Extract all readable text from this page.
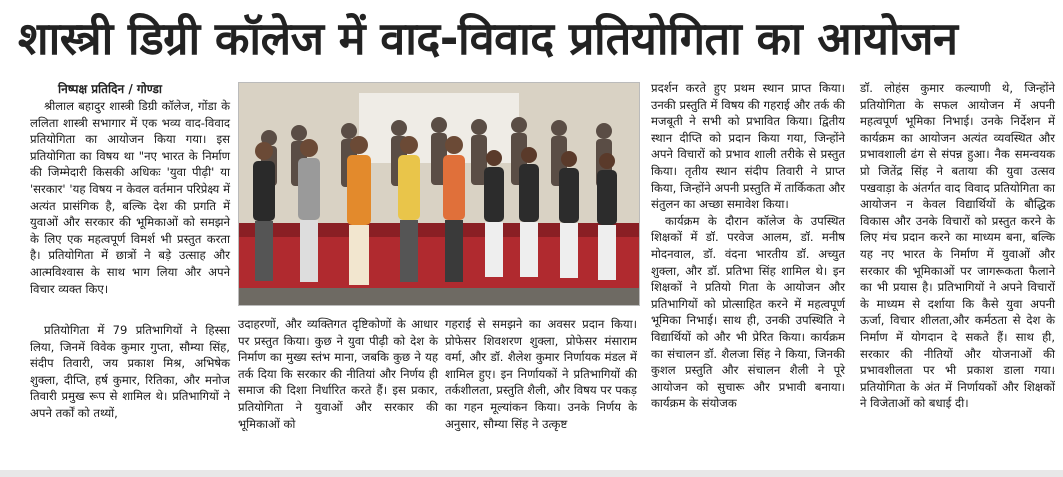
शास्त्री डिग्री कॉलेज में वाद-विवाद प्रतियोगिता का आयोजन
निष्पक्ष प्रतिदिन / गोण्डा

श्रीलाल बहादुर शास्त्री डिग्री कॉलेज, गोंडा के ललिता शास्त्री सभागार में एक भव्य वाद-विवाद प्रतियोगिता का आयोजन किया गया। इस प्रतियोगिता का विषय था "नए भारत के निर्माण की जिम्मेदारी किसकी अधिकः 'युवा पीढ़ी' या 'सरकार' 'यह विषय न केवल वर्तमान परिप्रेक्ष्य में अत्यंत प्रासंगिक है, बल्कि देश की प्रगति में युवाओं और सरकार की भूमिकाओं को समझने के लिए एक महत्वपूर्ण विमर्श भी प्रस्तुत करता है। प्रतियोगिता में छात्रों ने बड़े उत्साह और आत्मविश्वास के साथ भाग लिया और अपने विचार व्यक्त किए।

प्रतियोगिता में 79 प्रतिभागियों ने हिस्सा लिया, जिनमें विवेक कुमार गुप्ता, सौम्या सिंह, संदीप तिवारी, जय प्रकाश मिश्र, अभिषेक शुक्ला, दीप्ति, हर्ष कुमार, रितिका, और मनोज तिवारी प्रमुख रूप से शामिल थे। प्रतिभागियों ने अपने तर्कों को तथ्यों,

उदाहरणों, और व्यक्तिगत दृष्टिकोणों के आधार पर प्रस्तुत किया। कुछ ने युवा पीढ़ी को देश के निर्माण का मुख्य स्तंभ माना, जबकि कुछ ने यह तर्क दिया कि सरकार की नीतियां और निर्णय ही समाज की दिशा निर्धारित करते हैं। इस प्रकार, प्रतियोगिता ने युवाओं और सरकार की भूमिकाओं को

गहराई से समझने का अवसर प्रदान किया। प्रोफेसर शिवशरण शुक्ला, प्रोफेसर मंसाराम वर्मा, और डॉ. शैलेश कुमार निर्णायक मंडल में शामिल हुए। इन निर्णायकों ने प्रतिभागियों की तर्कशीलता, प्रस्तुति शैली, और विषय पर पकड़ का गहन मूल्यांकन किया। उनके निर्णय के अनुसार, सौम्या सिंह ने उत्कृष्ट

प्रदर्शन करते हुए प्रथम स्थान प्राप्त किया। उनकी प्रस्तुति में विषय की गहराई और तर्क की मजबूती ने सभी को प्रभावित किया। द्वितीय स्थान दीप्ति को प्रदान किया गया, जिन्होंने अपने विचारों को प्रभाव शाली तरीके से प्रस्तुत किया। तृतीय स्थान संदीप तिवारी ने प्राप्त किया, जिन्होंने अपनी प्रस्तुति में तार्किकता और संतुलन का अच्छा समावेश किया।

कार्यक्रम के दौरान कॉलेज के उपस्थित शिक्षकों में डॉ. परवेज आलम, डॉ. मनीष मोदनवाल, डॉ. वंदना भारतीय डॉ. अच्युत शुक्ला, और डॉ. प्रतिभा सिंह शामिल थे। इन शिक्षकों ने प्रतियो गिता के आयोजन और प्रतिभागियों को प्रोत्साहित करने में महत्वपूर्ण भूमिका निभाई। साथ ही, उनकी उपस्थिति ने विद्यार्थियों को और भी प्रेरित किया। कार्यक्रम का संचालन डॉ. शैलजा सिंह ने किया, जिनकी कुशल प्रस्तुति और संचालन शैली ने पूरे आयोजन को सुचारू और प्रभावी बनाया। कार्यक्रम के संयोजक

डॉ. लोहंस कुमार कल्याणी थे, जिन्होंने प्रतियोगिता के सफल आयोजन में अपनी महत्वपूर्ण भूमिका निभाई। उनके निर्देशन में कार्यक्रम का आयोजन अत्यंत व्यवस्थित और प्रभावशाली ढंग से संपन्न हुआ। नैक समन्वयक प्रो जितेंद्र सिंह ने बताया की युवा उत्सव पखवाड़ा के अंतर्गत वाद विवाद प्रतियोगिता का आयोजन न केवल विद्यार्थियों के बौद्धिक विकास और उनके विचारों को प्रस्तुत करने के लिए मंच प्रदान करने का माध्यम बना, बल्कि यह नए भारत के निर्माण में युवाओं और सरकार की भूमिकाओं पर जागरूकता फैलाने का भी प्रयास है। प्रतिभागियों ने अपने विचारों के माध्यम से दर्शाया कि कैसे युवा अपनी ऊर्जा, विचार शीलता,और कर्मठता से देश के निर्माण में योगदान दे सकते हैं। साथ ही, सरकार की नीतियों और योजनाओं की प्रभावशीलता पर भी प्रकाश डाला गया। प्रतियोगिता के अंत में निर्णायकों और शिक्षकों ने विजेताओं को बधाई दी।
